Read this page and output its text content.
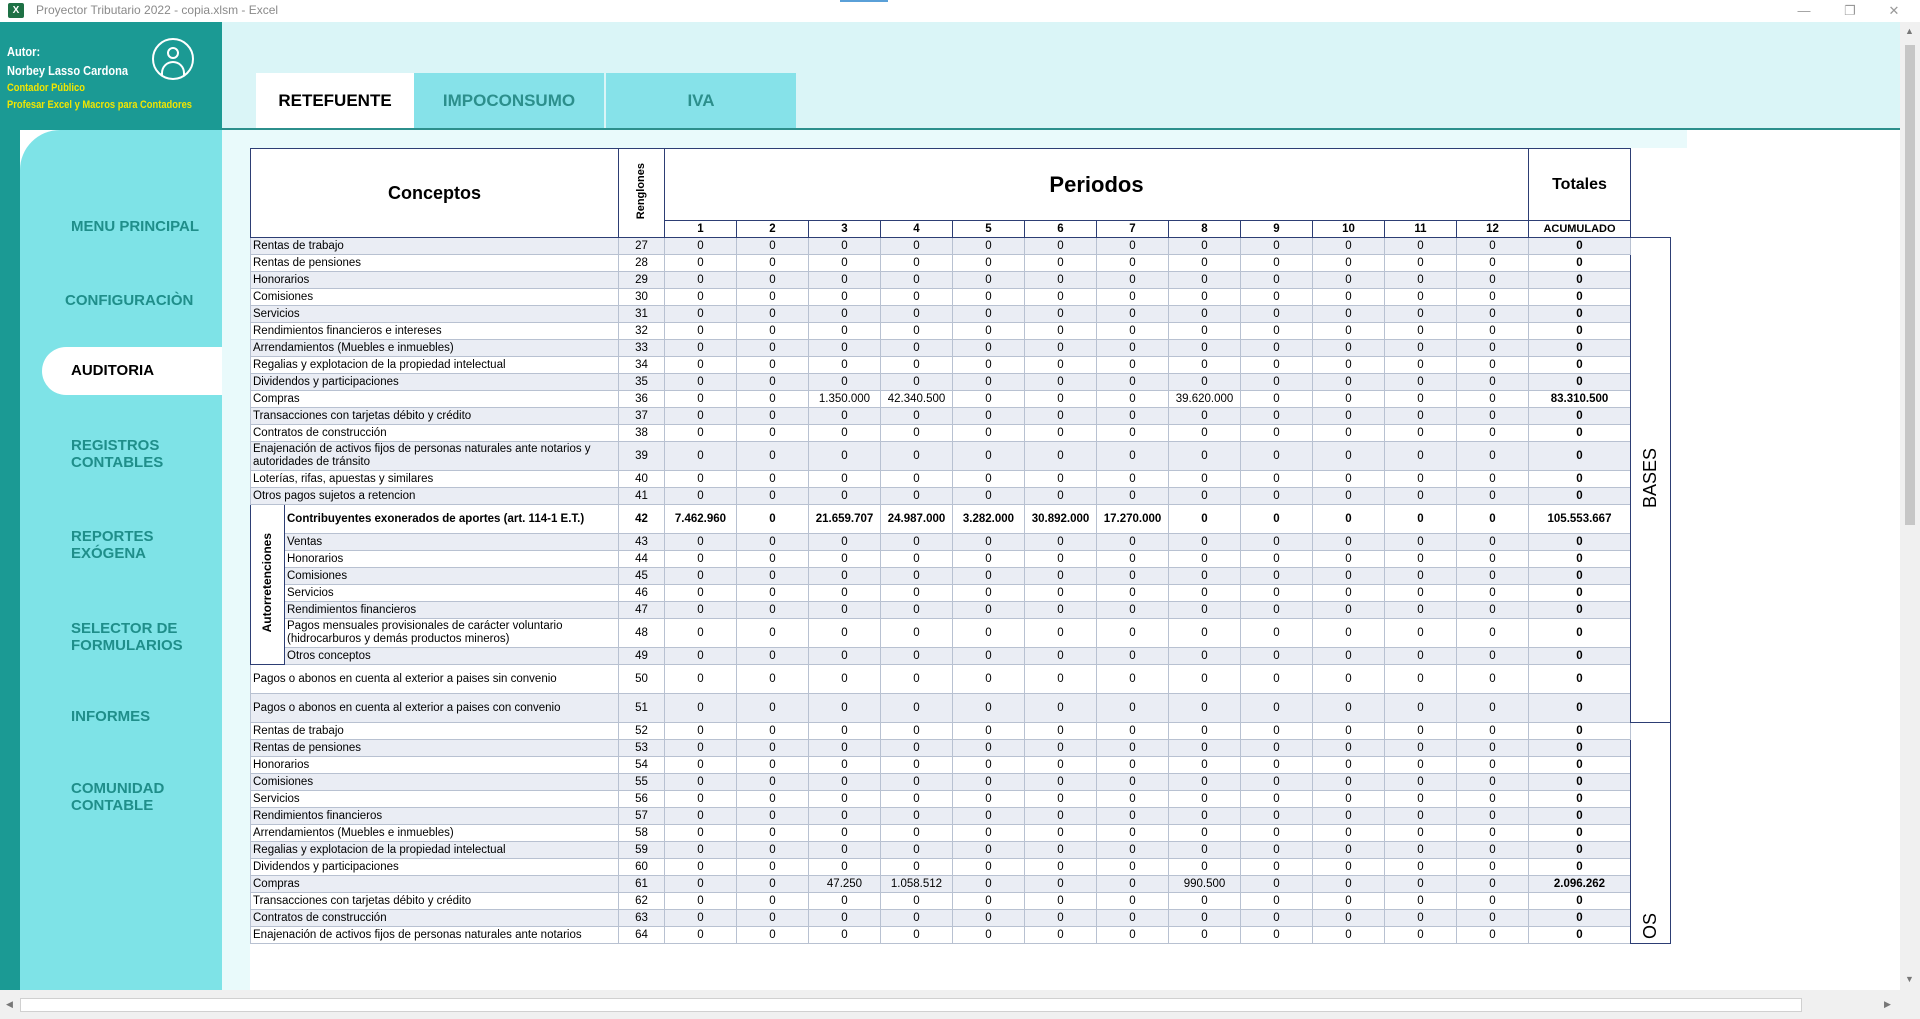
X	Proyector Tributario 2022 - copia.xlsm - Excel	—	❐	✕
Autor:
Norbey Lasso Cardona
Contador Público
Profesar Excel y Macros para Contadores
MENU PRINCIPAL
CONFIGURACIÒN
AUDITORIA
REGISTROS
CONTABLES
REPORTES
EXÓGENA
SELECTOR DE
FORMULARIOS
INFORMES
COMUNIDAD
CONTABLE
RETEFUENTE	IMPOCONSUMO	IVA
Conceptos		Renglones	Periodos												Totales	
			1	2	3	4	5	6	7	8	9	10	11	12	ACUMULADO	
Rentas de trabajo		27	0	0	0	0	0	0	0	0	0	0	0	0	0	BASES
Rentas de pensiones		28	0	0	0	0	0	0	0	0	0	0	0	0	0	
Honorarios		29	0	0	0	0	0	0	0	0	0	0	0	0	0	
Comisiones		30	0	0	0	0	0	0	0	0	0	0	0	0	0	
Servicios		31	0	0	0	0	0	0	0	0	0	0	0	0	0	
Rendimientos financieros e intereses		32	0	0	0	0	0	0	0	0	0	0	0	0	0	
Arrendamientos (Muebles e inmuebles)		33	0	0	0	0	0	0	0	0	0	0	0	0	0	
Regalias y explotacion de la propiedad intelectual		34	0	0	0	0	0	0	0	0	0	0	0	0	0	
Dividendos y participaciones		35	0	0	0	0	0	0	0	0	0	0	0	0	0	
Compras		36	0	0	1.350.000	42.340.500	0	0	0	39.620.000	0	0	0	0	83.310.500	
Transacciones con tarjetas débito y crédito		37	0	0	0	0	0	0	0	0	0	0	0	0	0	
Contratos de construcción		38	0	0	0	0	0	0	0	0	0	0	0	0	0	
Enajenación de activos fijos de personas naturales ante notarios y autoridades de tránsito		39	0	0	0	0	0	0	0	0	0	0	0	0	0	
Loterías, rifas, apuestas y similares		40	0	0	0	0	0	0	0	0	0	0	0	0	0	
Otros pagos sujetos a retencion		41	0	0	0	0	0	0	0	0	0	0	0	0	0	
Autorretenciones	Contribuyentes exonerados de aportes (art. 114-1 E.T.)	42	7.462.960	0	21.659.707	24.987.000	3.282.000	30.892.000	17.270.000	0	0	0	0	0	105.553.667	
	Ventas	43	0	0	0	0	0	0	0	0	0	0	0	0	0	
	Honorarios	44	0	0	0	0	0	0	0	0	0	0	0	0	0	
	Comisiones	45	0	0	0	0	0	0	0	0	0	0	0	0	0	
	Servicios	46	0	0	0	0	0	0	0	0	0	0	0	0	0	
	Rendimientos financieros	47	0	0	0	0	0	0	0	0	0	0	0	0	0	
	Pagos mensuales provisionales de carácter voluntario (hidrocarburos y demás productos mineros)	48	0	0	0	0	0	0	0	0	0	0	0	0	0	
	Otros conceptos	49	0	0	0	0	0	0	0	0	0	0	0	0	0	
Pagos o abonos en cuenta al exterior a paises sin convenio		50	0	0	0	0	0	0	0	0	0	0	0	0	0	
Pagos o abonos en cuenta al exterior a paises con convenio		51	0	0	0	0	0	0	0	0	0	0	0	0	0	
Rentas de trabajo		52	0	0	0	0	0	0	0	0	0	0	0	0	0	OS
Rentas de pensiones		53	0	0	0	0	0	0	0	0	0	0	0	0	0	
Honorarios		54	0	0	0	0	0	0	0	0	0	0	0	0	0	
Comisiones		55	0	0	0	0	0	0	0	0	0	0	0	0	0	
Servicios		56	0	0	0	0	0	0	0	0	0	0	0	0	0	
Rendimientos financieros		57	0	0	0	0	0	0	0	0	0	0	0	0	0	
Arrendamientos (Muebles e inmuebles)		58	0	0	0	0	0	0	0	0	0	0	0	0	0	
Regalias y explotacion de la propiedad intelectual		59	0	0	0	0	0	0	0	0	0	0	0	0	0	
Dividendos y participaciones		60	0	0	0	0	0	0	0	0	0	0	0	0	0	
Compras		61	0	0	47.250	1.058.512	0	0	0	990.500	0	0	0	0	2.096.262	
Transacciones con tarjetas débito y crédito		62	0	0	0	0	0	0	0	0	0	0	0	0	0	
Contratos de construcción		63	0	0	0	0	0	0	0	0	0	0	0	0	0	
Enajenación de activos fijos de personas naturales ante notarios		64	0	0	0	0	0	0	0	0	0	0	0	0	0	
▲
▼
◀	▶
